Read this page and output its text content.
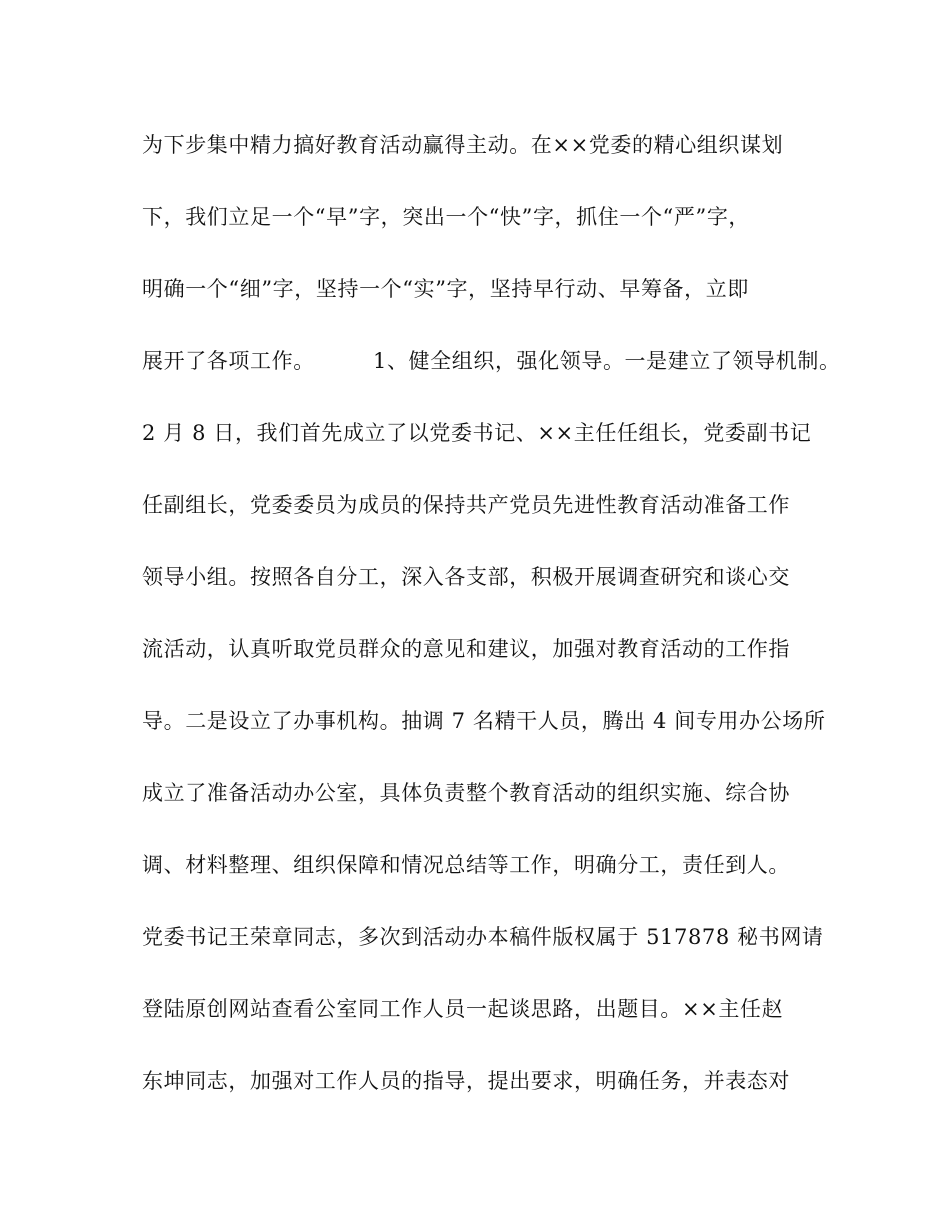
为下步集中精力搞好教育活动赢得主动。在××党委的精心组织谋划
下，我们立足一个“早”字，突出一个“快”字，抓住一个“严”字，
明确一个“细”字，坚持一个“实”字，坚持早行动、早筹备，立即
展开了各项工作。        1、健全组织，强化领导。一是建立了领导机制。
2 月 8 日，我们首先成立了以党委书记、××主任任组长，党委副书记
任副组长，党委委员为成员的保持共产党员先进性教育活动准备工作
领导小组。按照各自分工，深入各支部，积极开展调查研究和谈心交
流活动，认真听取党员群众的意见和建议，加强对教育活动的工作指
导。二是设立了办事机构。抽调 7 名精干人员，腾出 4 间专用办公场所
成立了准备活动办公室，具体负责整个教育活动的组织实施、综合协
调、材料整理、组织保障和情况总结等工作，明确分工，责任到人。
党委书记王荣章同志，多次到活动办本稿件版权属于 517878 秘书网请
登陆原创网站查看公室同工作人员一起谈思路，出题目。××主任赵
东坤同志，加强对工作人员的指导，提出要求，明确任务，并表态对
